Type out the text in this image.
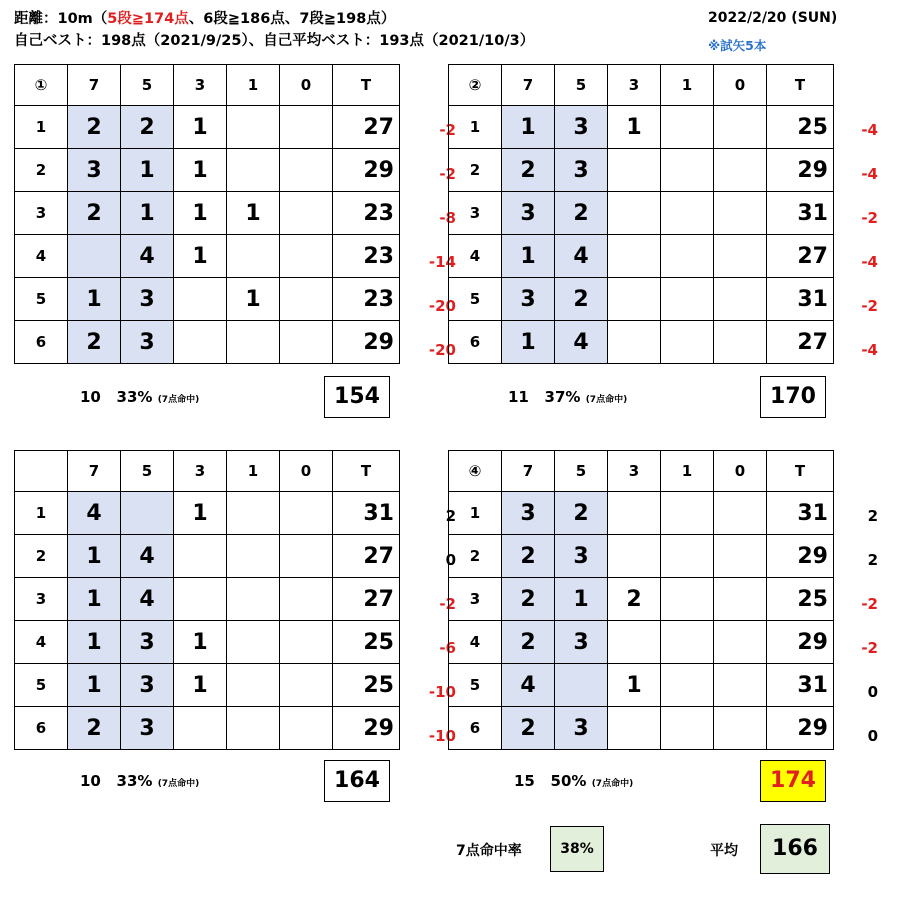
距離：10m（5段≧174点、6段≧186点、7段≧198点）
自己ベスト：198点（2021/9/25）、自己平均ベスト：193点（2021/10/3）
2022/2/20 (SUN)
※試矢5本
①	7	5	3	1	0	T
1	2	2	1			27
2	3	1	1			29
3	2	1	1	1		23
4		4	1			23
5	1	3		1		23
6	2	3				29
-2
-2
-8
-14
-20
-20
10 33% (7点命中)	154
②	7	5	3	1	0	T
1	1	3	1			25
2	2	3				29
3	3	2				31
4	1	4				27
5	3	2				31
6	1	4				27
-4
-4
-2
-4
-2
-4
11 37% (7点命中)	170
	7	5	3	1	0	T
1	4		1			31
2	1	4				27
3	1	4				27
4	1	3	1			25
5	1	3	1			25
6	2	3				29
2
0
-2
-6
-10
-10
10 33% (7点命中)	164
④	7	5	3	1	0	T
1	3	2				31
2	2	3				29
3	2	1	2			25
4	2	3				29
5	4		1			31
6	2	3				29
2
2
-2
-2
0
0
15 50% (7点命中)	174
7点命中率	38%	平均	166
